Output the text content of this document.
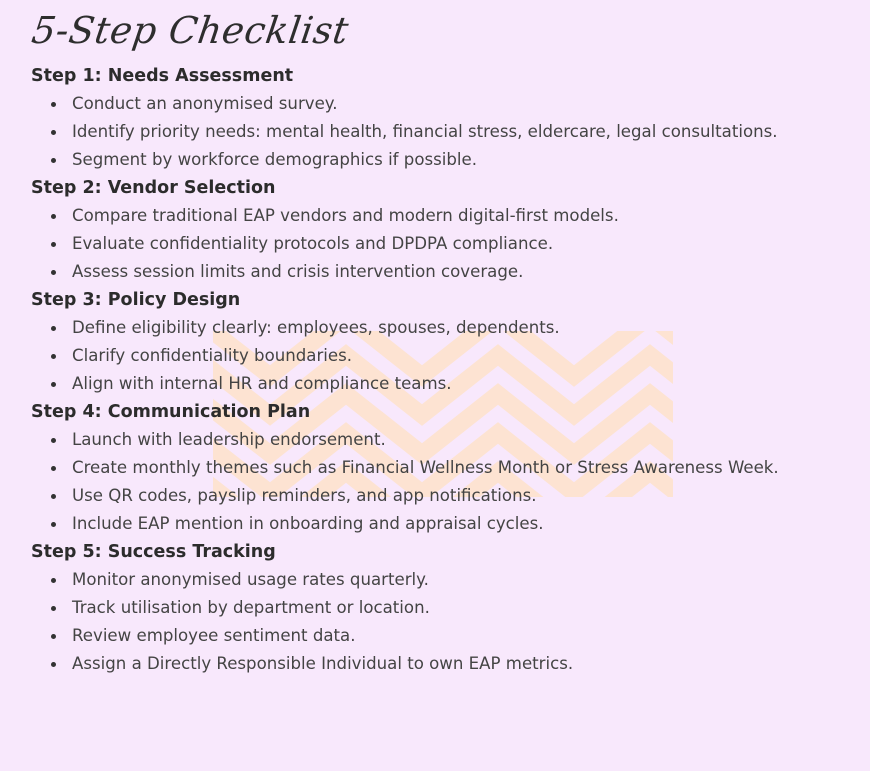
5-Step Checklist
Step 1: Needs Assessment
Conduct an anonymised survey.
Identify priority needs: mental health, financial stress, eldercare, legal consultations.
Segment by workforce demographics if possible.
Step 2: Vendor Selection
Compare traditional EAP vendors and modern digital-first models.
Evaluate confidentiality protocols and DPDPA compliance.
Assess session limits and crisis intervention coverage.
Step 3: Policy Design
Define eligibility clearly: employees, spouses, dependents.
Clarify confidentiality boundaries.
Align with internal HR and compliance teams.
Step 4: Communication Plan
Launch with leadership endorsement.
Create monthly themes such as Financial Wellness Month or Stress Awareness Week.
Use QR codes, payslip reminders, and app notifications.
Include EAP mention in onboarding and appraisal cycles.
Step 5: Success Tracking
Monitor anonymised usage rates quarterly.
Track utilisation by department or location.
Review employee sentiment data.
Assign a Directly Responsible Individual to own EAP metrics.
